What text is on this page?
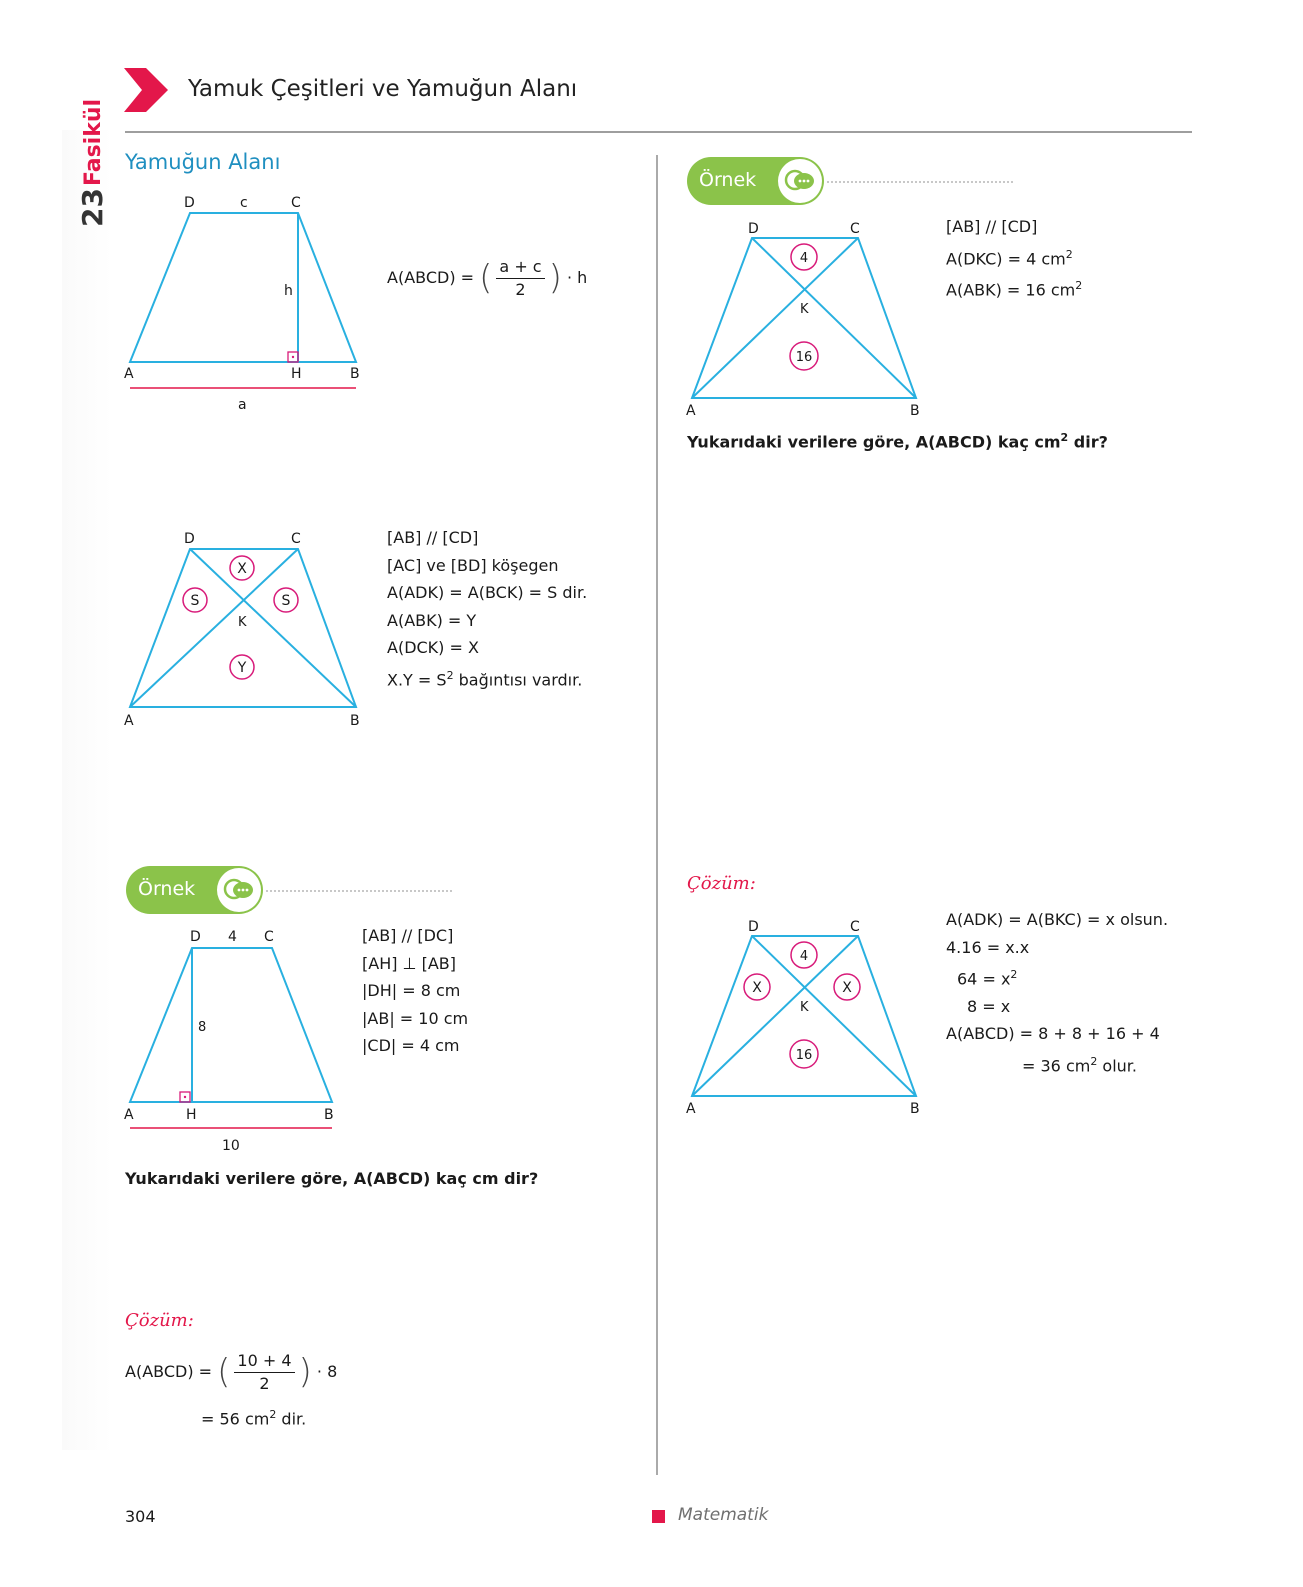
Fasikül
23
Yamuk Çeşitleri ve Yamuğun Alanı
Yamuğun Alanı
D	c	C
h
A	H	B
a
A(ABCD) = ( $\frac{a + c}{2}$ ) · h
D	C
X
S	S
K
Y
A	B
[AB] // [CD]
[AC] ve [BD] köşegen
A(ADK) = A(BCK) = S dir.
A(ABK) = Y
A(DCK) = X
$X.Y = S^2$ bağıntısı vardır.
Örnek
D 4 C
8
A	H	B
10
[AB] // [DC]
[AH] ⊥ [AB]
|DH| = 8 cm
|AB| = 10 cm
|CD| = 4 cm
Yukarıdaki verilere göre, A(ABCD) kaç cm dir?
Çözüm:
A(ABCD) = ( $\frac{10 + 4}{2}$ ) · 8
= 56 $cm^2$ dir.
Örnek
D	C
4
K
16
A	B
[AB] // [CD]
A(DKC) = 4 $cm^2$
A(ABK) = 16 $cm^2$
Yukarıdaki verilere göre, A(ABCD) kaç $cm^2$ dir?
Çözüm:
D	C
4
X	X
K
16
A	B
A(ADK) = A(BKC) = x olsun.
4.16 = x.x
$64 = x^2$
8 = x
A(ABCD) = 8 + 8 + 16 + 4
= 36 $cm^2$ olur.
304	Matematik
